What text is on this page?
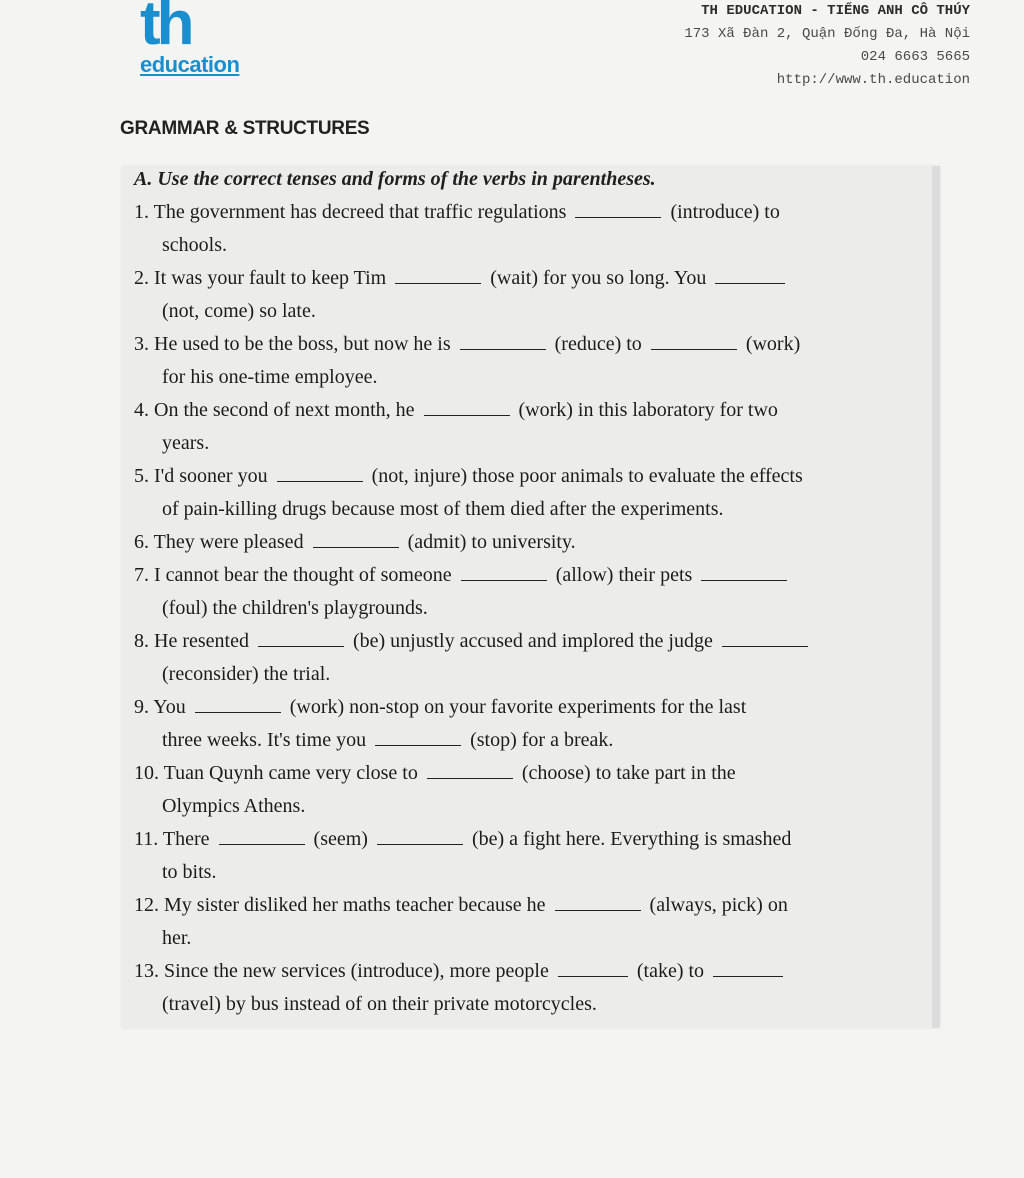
th
education
TH EDUCATION - TIẾNG ANH CÔ THÚY
173 Xã Đàn 2, Quận Đống Đa, Hà Nội
024 6663 5665
http://www.th.education
GRAMMAR & STRUCTURES
A. Use the correct tenses and forms of the verbs in parentheses.
1. The government has decreed that traffic regulations	(introduce) to
schools.
2. It was your fault to keep Tim	(wait) for you so long. You
(not, come) so late.
3. He used to be the boss, but now he is	(reduce) to	(work)
for his one-time employee.
4. On the second of next month, he	(work) in this laboratory for two
years.
5. I'd sooner you	(not, injure) those poor animals to evaluate the effects
of pain-killing drugs because most of them died after the experiments.
6. They were pleased	(admit) to university.
7. I cannot bear the thought of someone	(allow) their pets
(foul) the children's playgrounds.
8. He resented	(be) unjustly accused and implored the judge
(reconsider) the trial.
9. You	(work) non-stop on your favorite experiments for the last
three weeks. It's time you	(stop) for a break.
10. Tuan Quynh came very close to	(choose) to take part in the
Olympics Athens.
11. There	(seem)	(be) a fight here. Everything is smashed
to bits.
12. My sister disliked her maths teacher because he	(always, pick) on
her.
13. Since the new services (introduce), more people	(take) to
(travel) by bus instead of on their private motorcycles.
